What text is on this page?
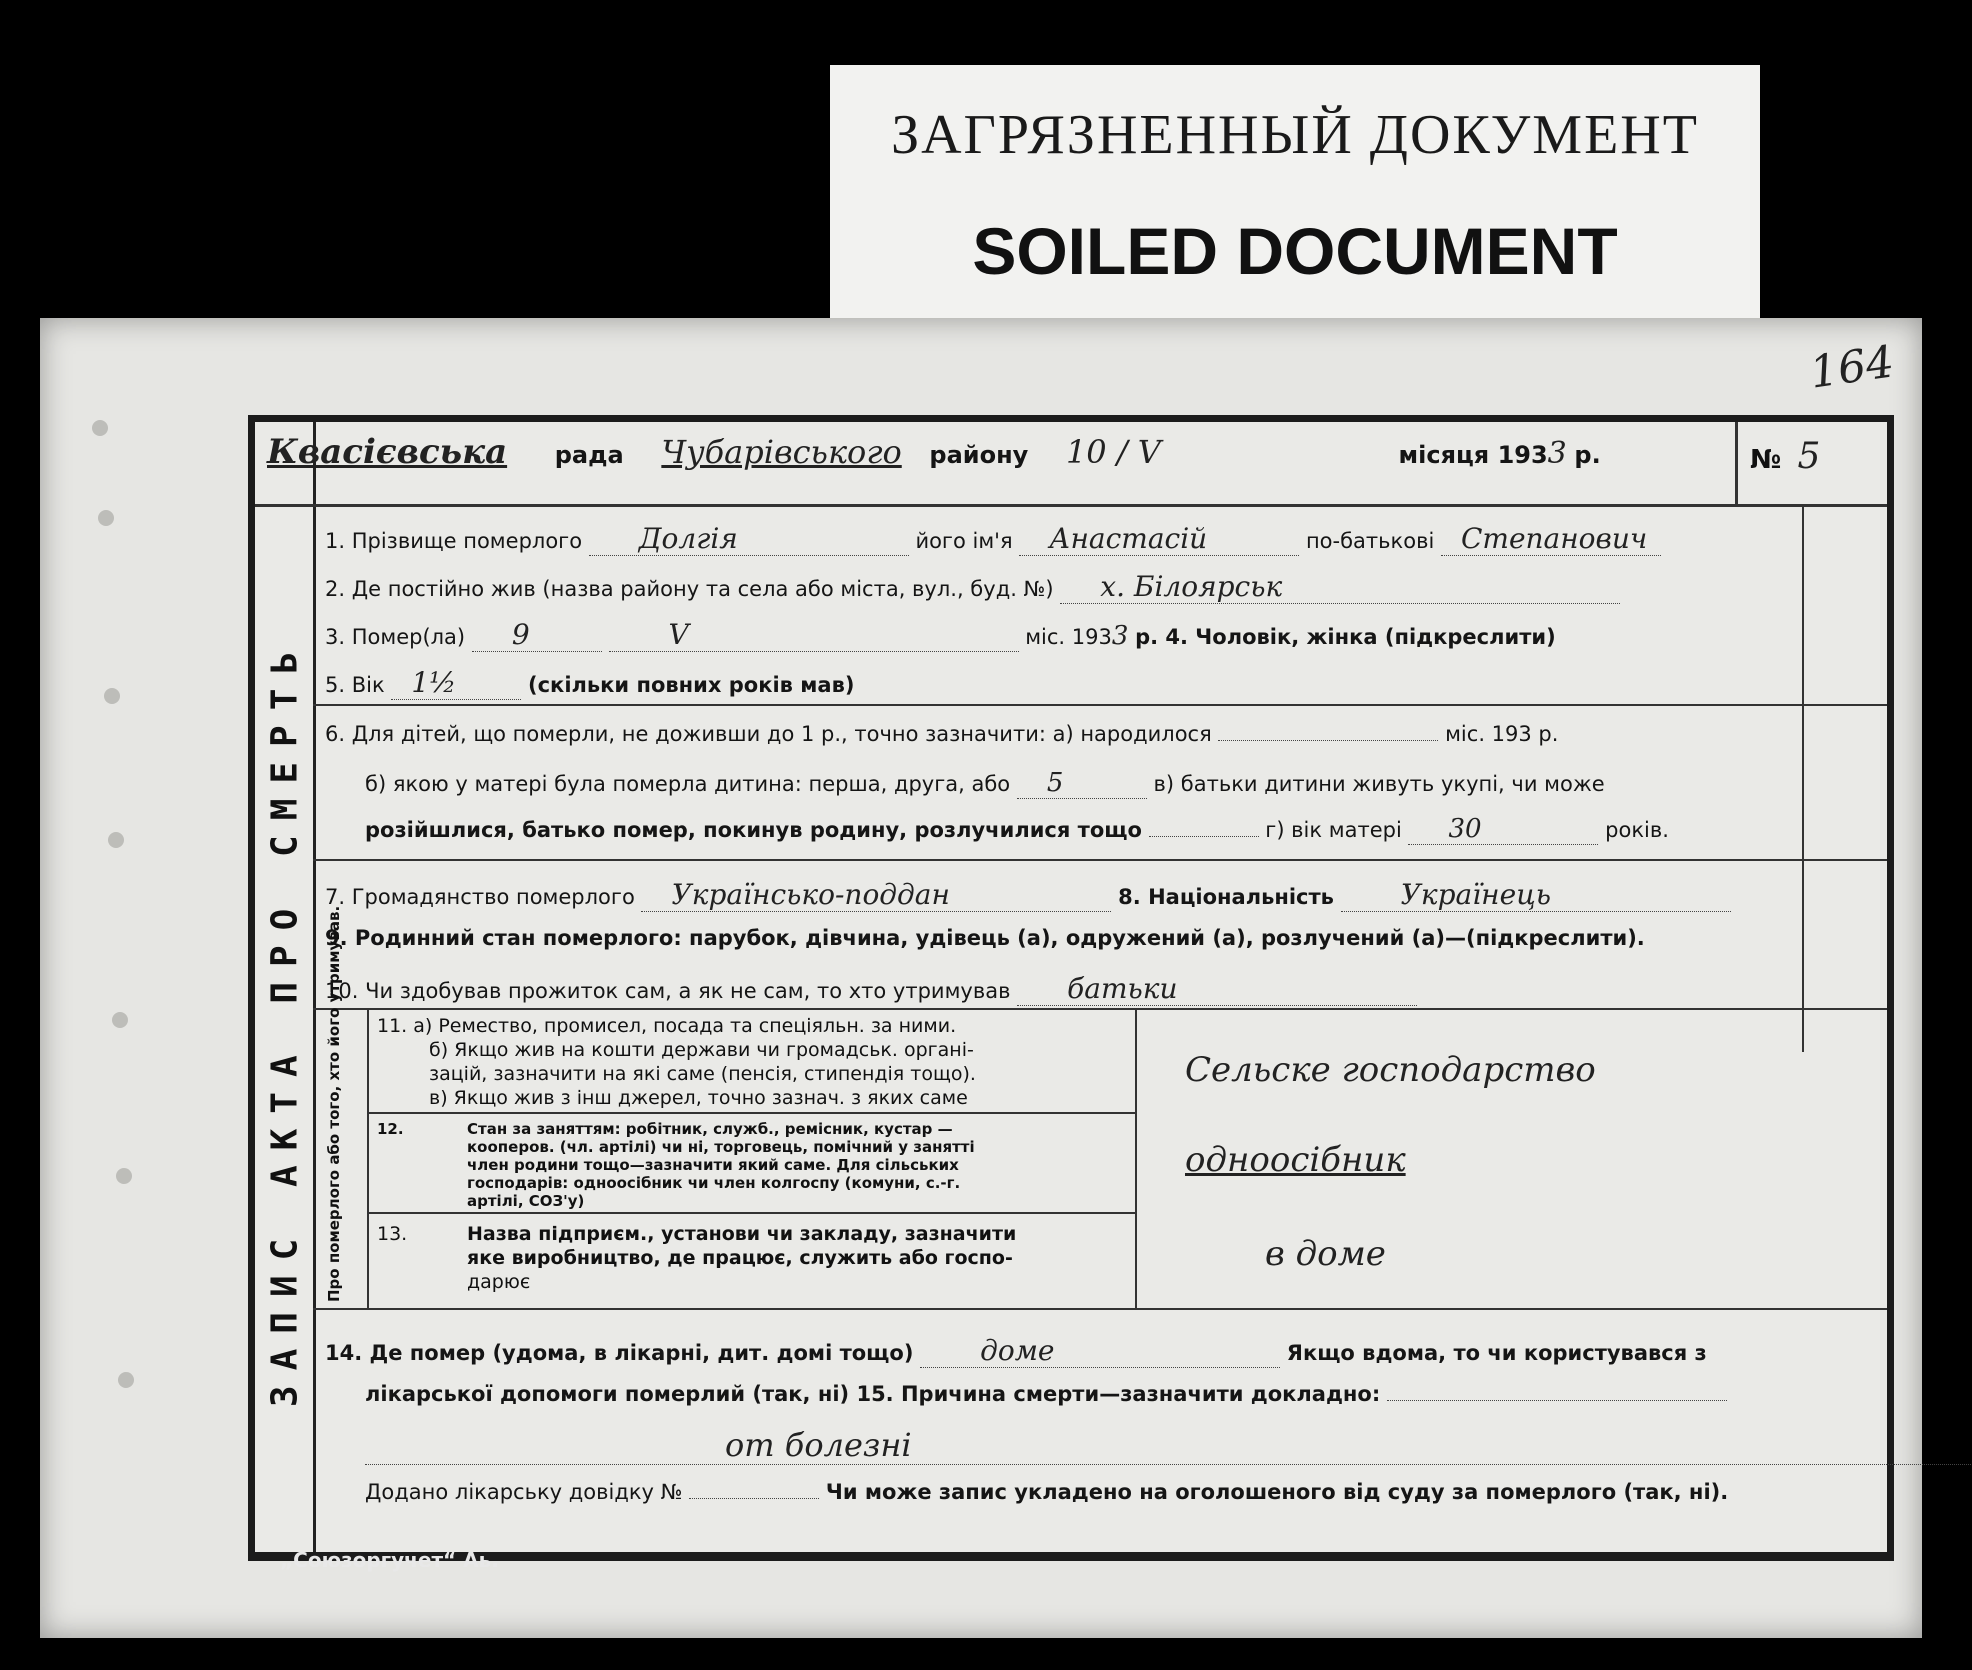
ЗАГРЯЗНЕННЫЙ ДОКУМЕНТ
SOILED DOCUMENT
164
ЗАПИС АКТА ПРО СМЕРТЬ
Квасієвська рада Чубарівського району 10 / V	місяця 1933 р.	№ 5
1. Прізвище померлого Долгія	його ім'я Анастасій	по-батькові Степанович
2. Де постійно жив (назва району та села або міста, вул., буд. №) х. Білоярськ
3. Помер(ла) 9	V	міс. 1933 р. 4. Чоловік, жінка (підкреслити)
5. Вік 1½	(скільки повних років мав)
6. Для дітей, що померли, не доживши до 1 р., точно зазначити: а) народилося	міс. 193 р.
б) якою у матері була померла дитина: перша, друга, або 5	в) батьки дитини живуть укупі, чи може
розійшлися, батько помер, покинув родину, розлучилися тощо	г) вік матері 30	років.
7. Громадянство померлого Українсько-поддан	8. Національність Українець
9. Родинний стан померлого: парубок, дівчина, удівець (а), одружений (а), розлучений (а)—(підкреслити).
10. Чи здобував прожиток сам, а як не сам, то хто утримував батьки
Про померлого або того, хто його утримував. 11. а) Ремество, промисел, посада та спеціяльн. за ними.
б) Якщо жив на кошти держави чи громадськ. органі-
зацій, зазначити на які саме (пенсія, стипендія тощо).
в) Якщо жив з інш джерел, точно зазнач. з яких саме
Сельске господарство
12.	Стан за заняттям: робітник, служб., ремісник, кустар —
кооперов. (чл. артілі) чи ні, торговець, помічний у занятті
член родини тощо—зазначити який саме. Для сільських
господарів: одноосібник чи член колгоспу (комуни, с.-г.
артілі, СОЗ'у)
одноосібник
13.	Назва підприєм., установи чи закладу, зазначити
яке виробництво, де працює, служить або госпо-
дарює
в доме
14. Де помер (удома, в лікарні, дит. домі тощо) доме	Якщо вдома, то чи користувався з
лікарської допомоги померлий (так, ні) 15. Причина смерти—зазначити докладно:
от болезні
Додано лікарську довідку №	Чи може запис укладено на оголошеного від суду за померлого (так, ні).
„Союзоргучет“ Аь.
